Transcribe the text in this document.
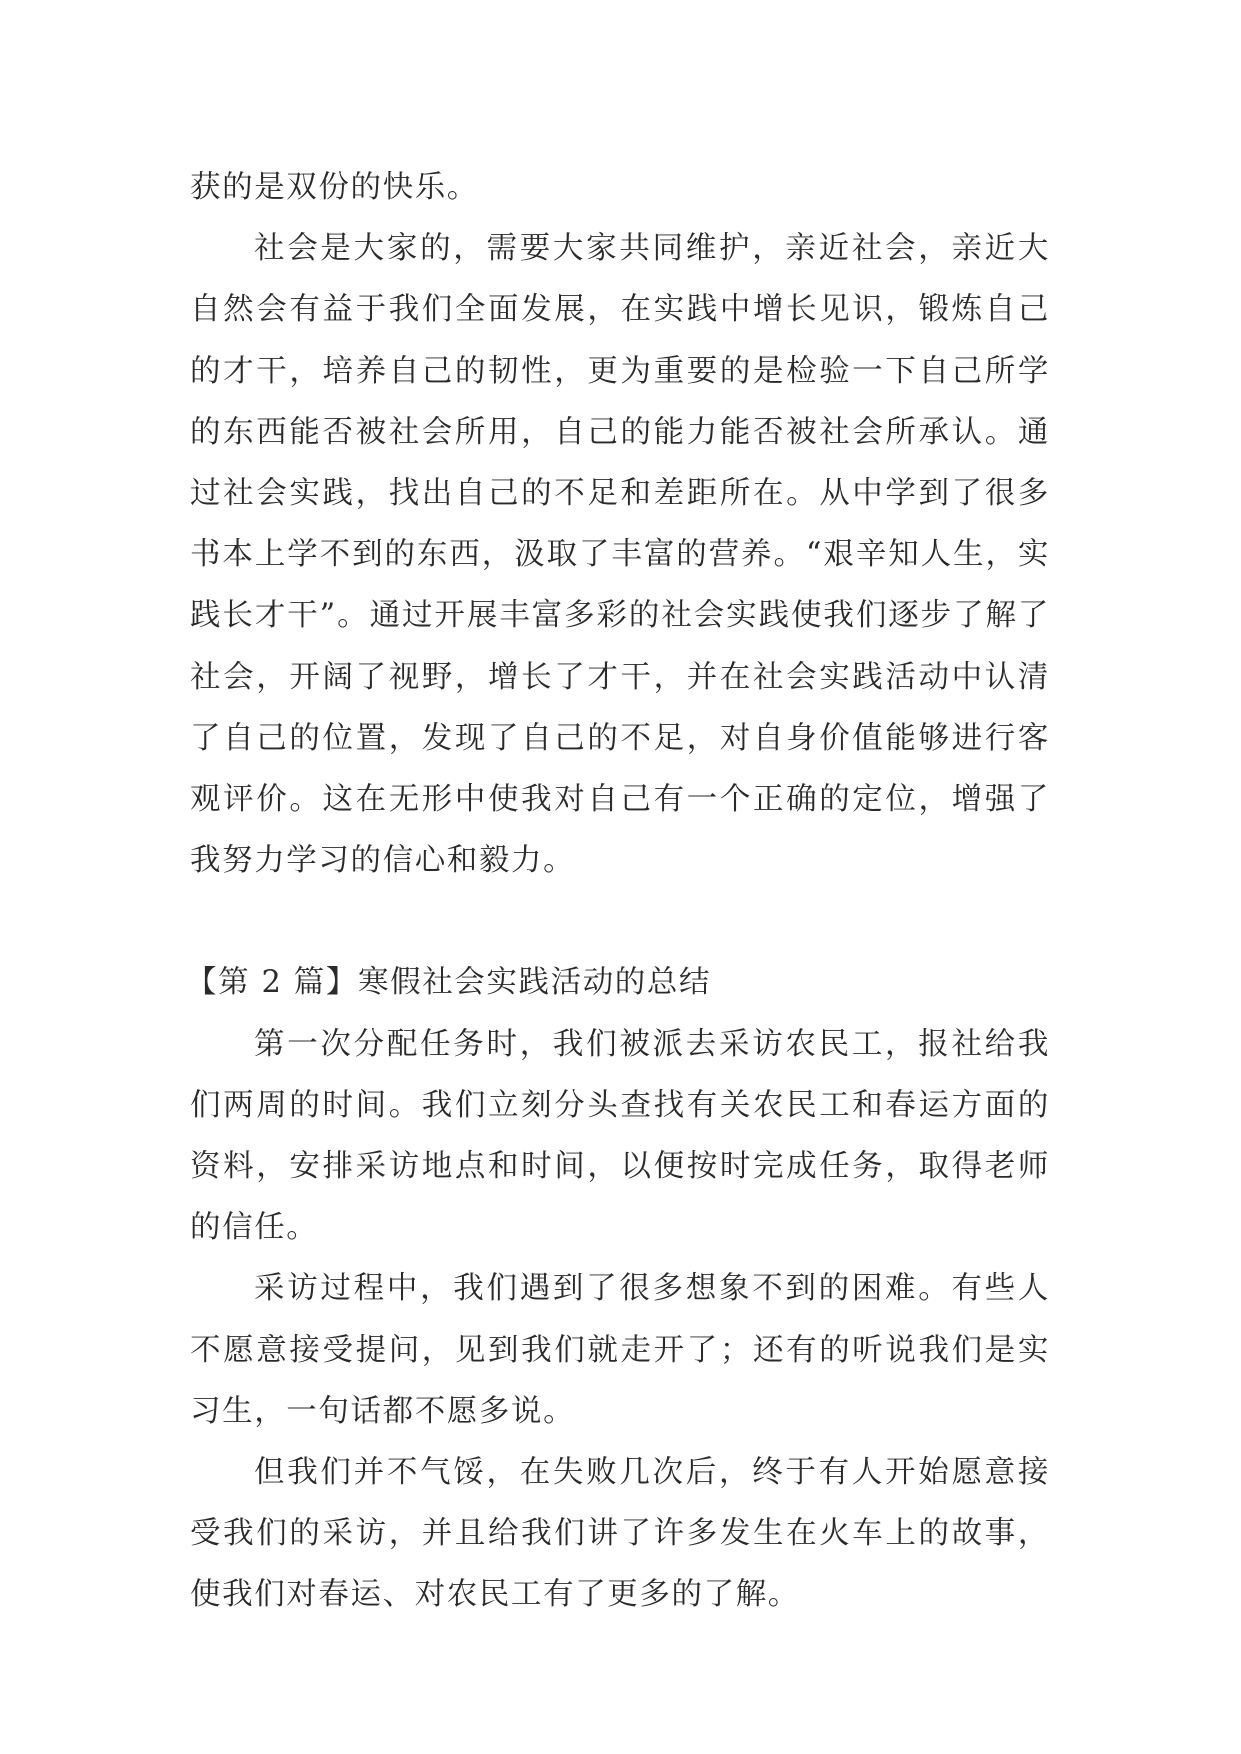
获的是双份的快乐。

社会是大家的，需要大家共同维护，亲近社会，亲近大自然会有益于我们全面发展，在实践中增长见识，锻炼自己的才干，培养自己的韧性，更为重要的是检验一下自己所学的东西能否被社会所用，自己的能力能否被社会所承认。通过社会实践，找出自己的不足和差距所在。从中学到了很多书本上学不到的东西，汲取了丰富的营养。“艰辛知人生，实践长才干”。通过开展丰富多彩的社会实践使我们逐步了解了社会，开阔了视野，增长了才干，并在社会实践活动中认清了自己的位置，发现了自己的不足，对自身价值能够进行客观评价。这在无形中使我对自己有一个正确的定位，增强了我努力学习的信心和毅力。

【第 2 篇】寒假社会实践活动的总结

第一次分配任务时，我们被派去采访农民工，报社给我们两周的时间。我们立刻分头查找有关农民工和春运方面的资料，安排采访地点和时间，以便按时完成任务，取得老师的信任。

采访过程中，我们遇到了很多想象不到的困难。有些人不愿意接受提问，见到我们就走开了；还有的听说我们是实习生，一句话都不愿多说。

但我们并不气馁，在失败几次后，终于有人开始愿意接受我们的采访，并且给我们讲了许多发生在火车上的故事，使我们对春运、对农民工有了更多的了解。
